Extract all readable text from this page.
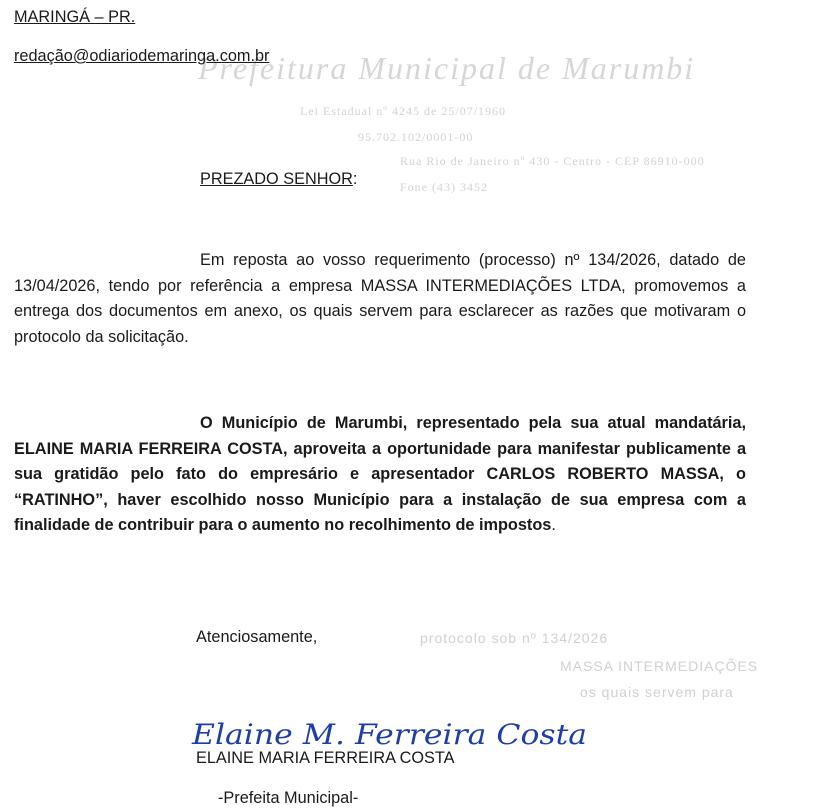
Prefeitura Municipal de Marumbi
Lei Estadual nº 4245 de 25/07/1960
95.702.102/0001-00
Rua Rio de Janeiro nº 430 - Centro - CEP 86910-000
Fone (43) 3452
protocolo sob nº 134/2026
MASSA INTERMEDIAÇÕES
os quais servem para
MARINGÁ – PR.
redação@odiariodemaringa.com.br
PREZADO SENHOR:
Em reposta ao vosso requerimento (processo) nº 134/2026, datado de 13/04/2026, tendo por referência a empresa MASSA INTERMEDIAÇÕES LTDA, promovemos a entrega dos documentos em anexo, os quais servem para esclarecer as razões que motivaram o protocolo da solicitação.
O Município de Marumbi, representado pela sua atual mandatária, ELAINE MARIA FERREIRA COSTA, aproveita a oportunidade para manifestar publicamente a sua gratidão pelo fato do empresário e apresentador CARLOS ROBERTO MASSA, o “RATINHO”, haver escolhido nosso Município para a instalação de sua empresa com a finalidade de contribuir para o aumento no recolhimento de impostos.
Atenciosamente,
Elaine M. Ferreira Costa
ELAINE MARIA FERREIRA COSTA
-Prefeita Municipal-
